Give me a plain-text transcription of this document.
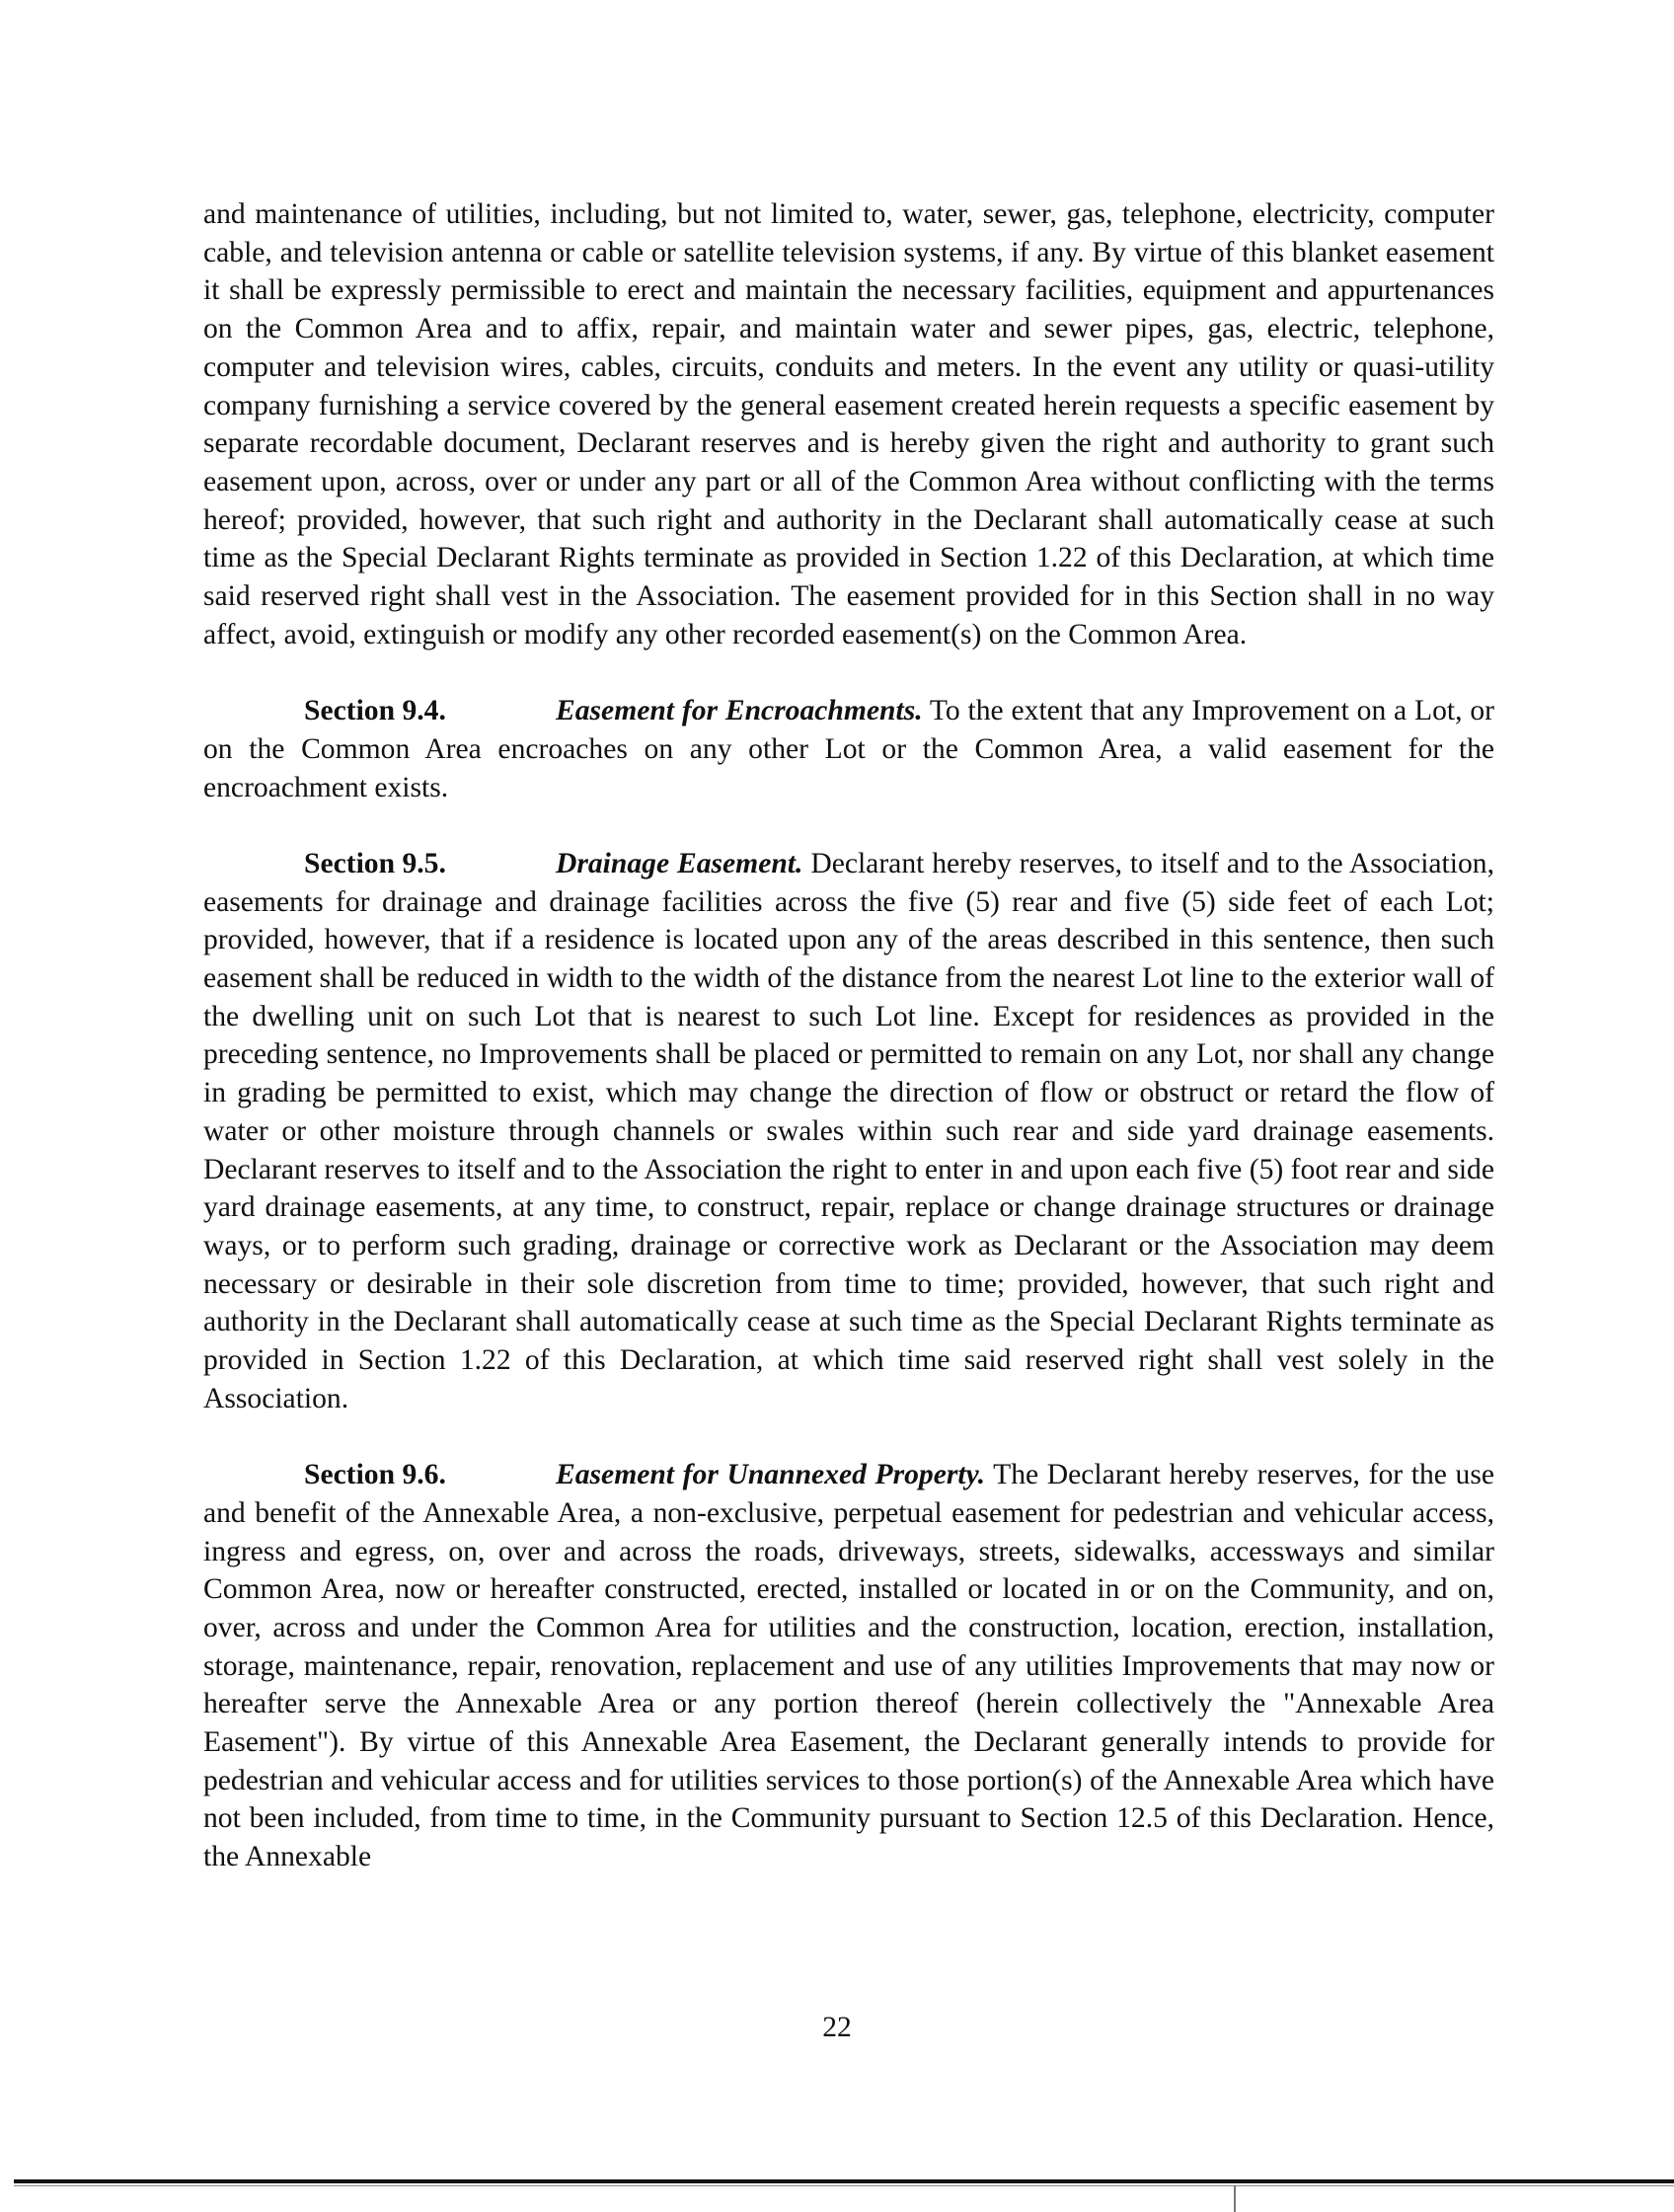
and maintenance of utilities, including, but not limited to, water, sewer, gas, telephone, electricity, computer cable, and television antenna or cable or satellite television systems, if any. By virtue of this blanket easement it shall be expressly permissible to erect and maintain the necessary facilities, equipment and appurtenances on the Common Area and to affix, repair, and maintain water and sewer pipes, gas, electric, telephone, computer and television wires, cables, circuits, conduits and meters. In the event any utility or quasi-utility company furnishing a service covered by the general easement created herein requests a specific easement by separate recordable document, Declarant reserves and is hereby given the right and authority to grant such easement upon, across, over or under any part or all of the Common Area without conflicting with the terms hereof; provided, however, that such right and authority in the Declarant shall automatically cease at such time as the Special Declarant Rights terminate as provided in Section 1.22 of this Declaration, at which time said reserved right shall vest in the Association. The easement provided for in this Section shall in no way affect, avoid, extinguish or modify any other recorded easement(s) on the Common Area.

Section 9.4.	Easement for Encroachments. To the extent that any Improvement on a Lot, or on the Common Area encroaches on any other Lot or the Common Area, a valid easement for the encroachment exists.

Section 9.5.	Drainage Easement. Declarant hereby reserves, to itself and to the Association, easements for drainage and drainage facilities across the five (5) rear and five (5) side feet of each Lot; provided, however, that if a residence is located upon any of the areas described in this sentence, then such easement shall be reduced in width to the width of the distance from the nearest Lot line to the exterior wall of the dwelling unit on such Lot that is nearest to such Lot line. Except for residences as provided in the preceding sentence, no Improvements shall be placed or permitted to remain on any Lot, nor shall any change in grading be permitted to exist, which may change the direction of flow or obstruct or retard the flow of water or other moisture through channels or swales within such rear and side yard drainage easements. Declarant reserves to itself and to the Association the right to enter in and upon each five (5) foot rear and side yard drainage easements, at any time, to construct, repair, replace or change drainage structures or drainage ways, or to perform such grading, drainage or corrective work as Declarant or the Association may deem necessary or desirable in their sole discretion from time to time; provided, however, that such right and authority in the Declarant shall automatically cease at such time as the Special Declarant Rights terminate as provided in Section 1.22 of this Declaration, at which time said reserved right shall vest solely in the Association.

Section 9.6.	Easement for Unannexed Property. The Declarant hereby reserves, for the use and benefit of the Annexable Area, a non-exclusive, perpetual easement for pedestrian and vehicular access, ingress and egress, on, over and across the roads, driveways, streets, sidewalks, accessways and similar Common Area, now or hereafter constructed, erected, installed or located in or on the Community, and on, over, across and under the Common Area for utilities and the construction, location, erection, installation, storage, maintenance, repair, renovation, replacement and use of any utilities Improvements that may now or hereafter serve the Annexable Area or any portion thereof (herein collectively the "Annexable Area Easement"). By virtue of this Annexable Area Easement, the Declarant generally intends to provide for pedestrian and vehicular access and for utilities services to those portion(s) of the Annexable Area which have not been included, from time to time, in the Community pursuant to Section 12.5 of this Declaration. Hence, the Annexable

22
